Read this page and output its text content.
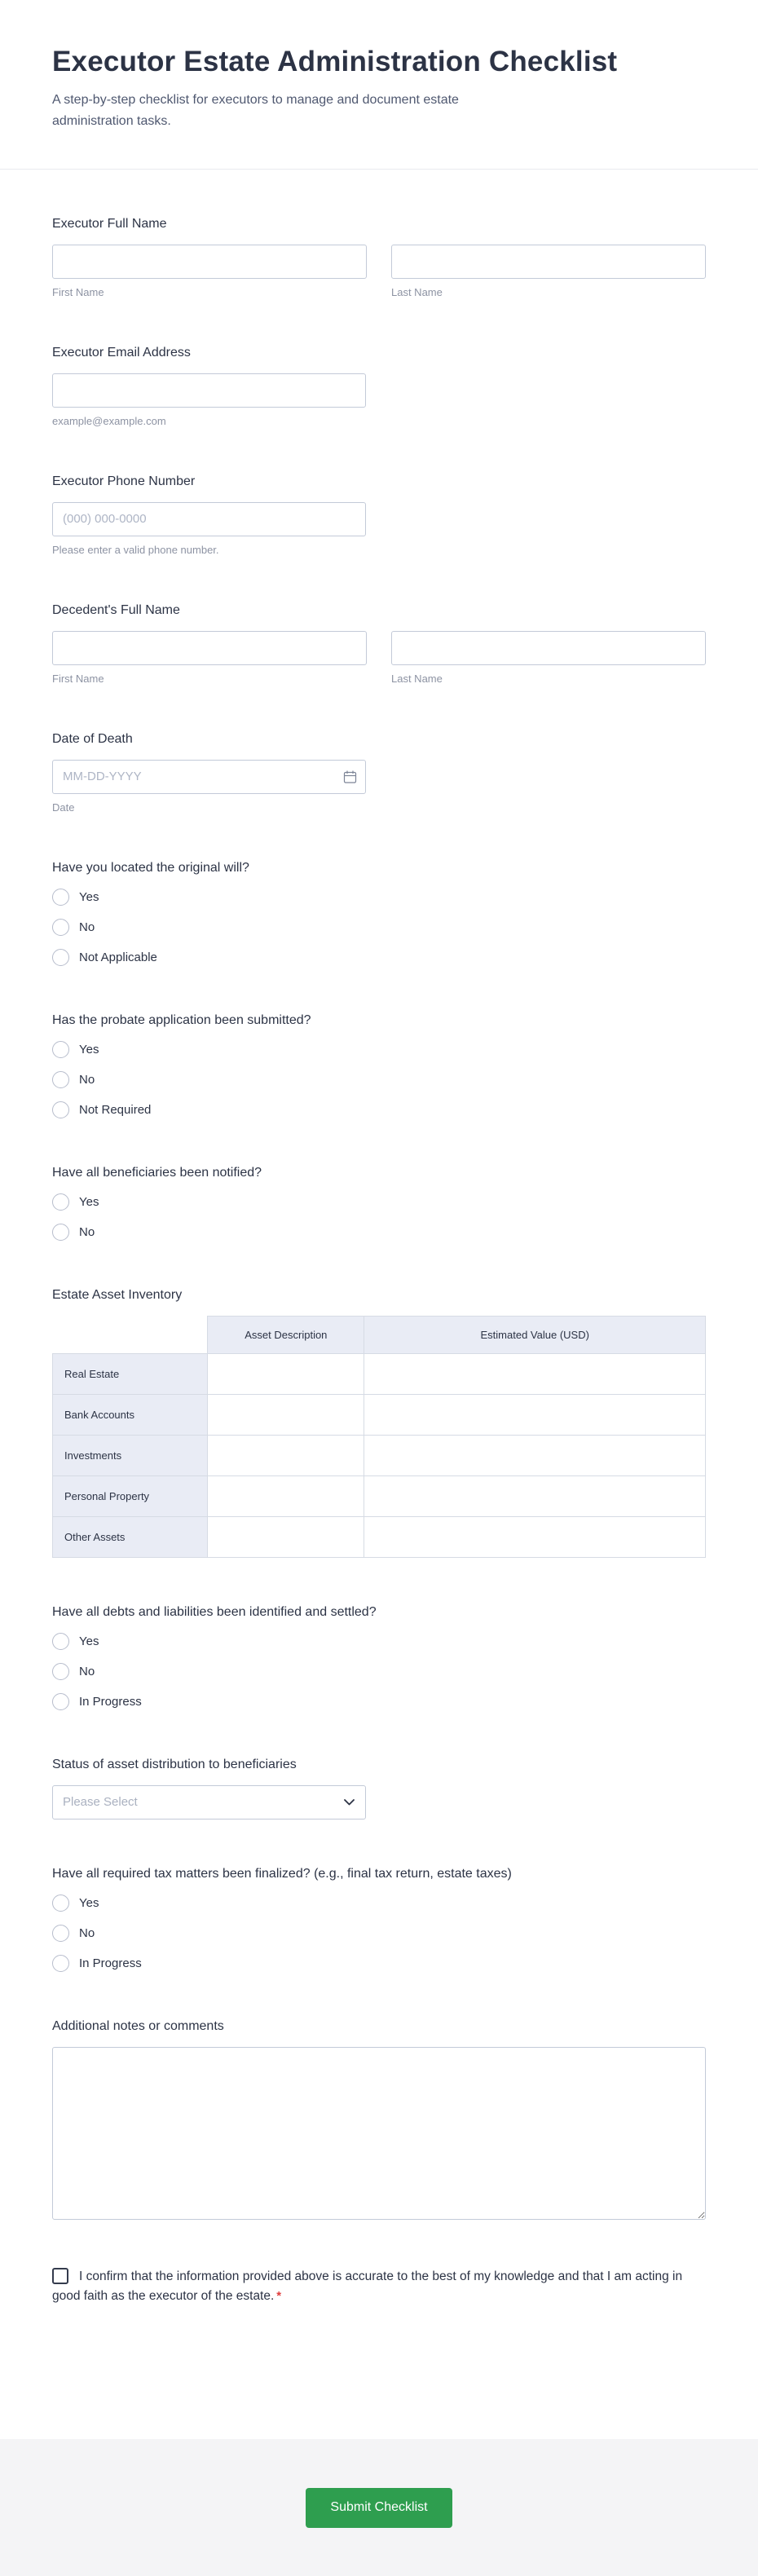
Executor Estate Administration Checklist

A step-by-step checklist for executors to manage and document estate administration tasks.

Executor Full Name
First Name	Last Name
Executor Email Address
example@example.com
Executor Phone Number
(000) 000-0000
Please enter a valid phone number.
Decedent's Full Name
First Name	Last Name
Date of Death
MM-DD-YYYY
Date
Have you located the original will?
Yes
No
Not Applicable
Has the probate application been submitted?
Yes
No
Not Required
Have all beneficiaries been notified?
Yes
No
Estate Asset Inventory
	Asset Description	Estimated Value (USD)
Real Estate		
Bank Accounts		
Investments		
Personal Property		
Other Assets		
Have all debts and liabilities been identified and settled?
Yes
No
In Progress
Status of asset distribution to beneficiaries
Please Select
Have all required tax matters been finalized? (e.g., final tax return, estate taxes)
Yes
No
In Progress
Additional notes or comments
I confirm that the information provided above is accurate to the best of my knowledge and that I am acting in good faith as the executor of the estate. *
Submit Checklist
